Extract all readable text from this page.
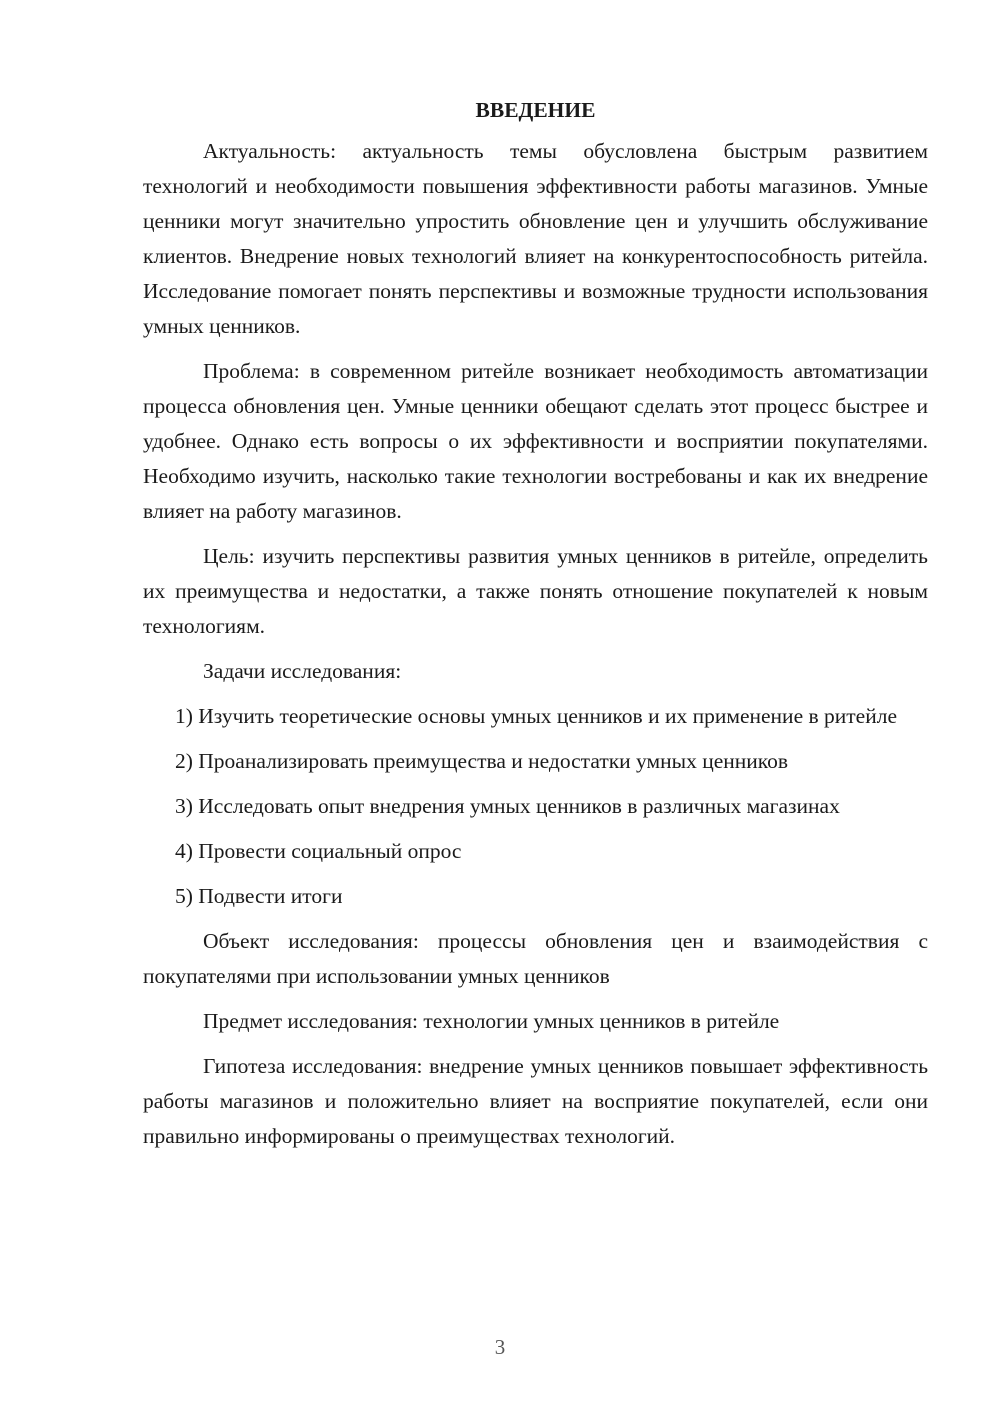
ВВЕДЕНИЕ

Актуальность: актуальность темы обусловлена быстрым развитием технологий и необходимости повышения эффективности работы магазинов. Умные ценники могут значительно упростить обновление цен и улучшить обслуживание клиентов. Внедрение новых технологий влияет на конкурентоспособность ритейла. Исследование помогает понять перспективы и возможные трудности использования умных ценников.

Проблема: в современном ритейле возникает необходимость автоматизации процесса обновления цен. Умные ценники обещают сделать этот процесс быстрее и удобнее. Однако есть вопросы о их эффективности и восприятии покупателями. Необходимо изучить, насколько такие технологии востребованы и как их внедрение влияет на работу магазинов.

Цель: изучить перспективы развития умных ценников в ритейле, определить их преимущества и недостатки, а также понять отношение покупателей к новым технологиям.

Задачи исследования:

1) Изучить теоретические основы умных ценников и их применение в ритейле

2) Проанализировать преимущества и недостатки умных ценников

3) Исследовать опыт внедрения умных ценников в различных магазинах

4) Провести социальный опрос

5) Подвести итоги

Объект исследования: процессы обновления цен и взаимодействия с покупателями при использовании умных ценников

Предмет исследования: технологии умных ценников в ритейле

Гипотеза исследования: внедрение умных ценников повышает эффективность работы магазинов и положительно влияет на восприятие покупателей, если они правильно информированы о преимуществах технологий.

3
